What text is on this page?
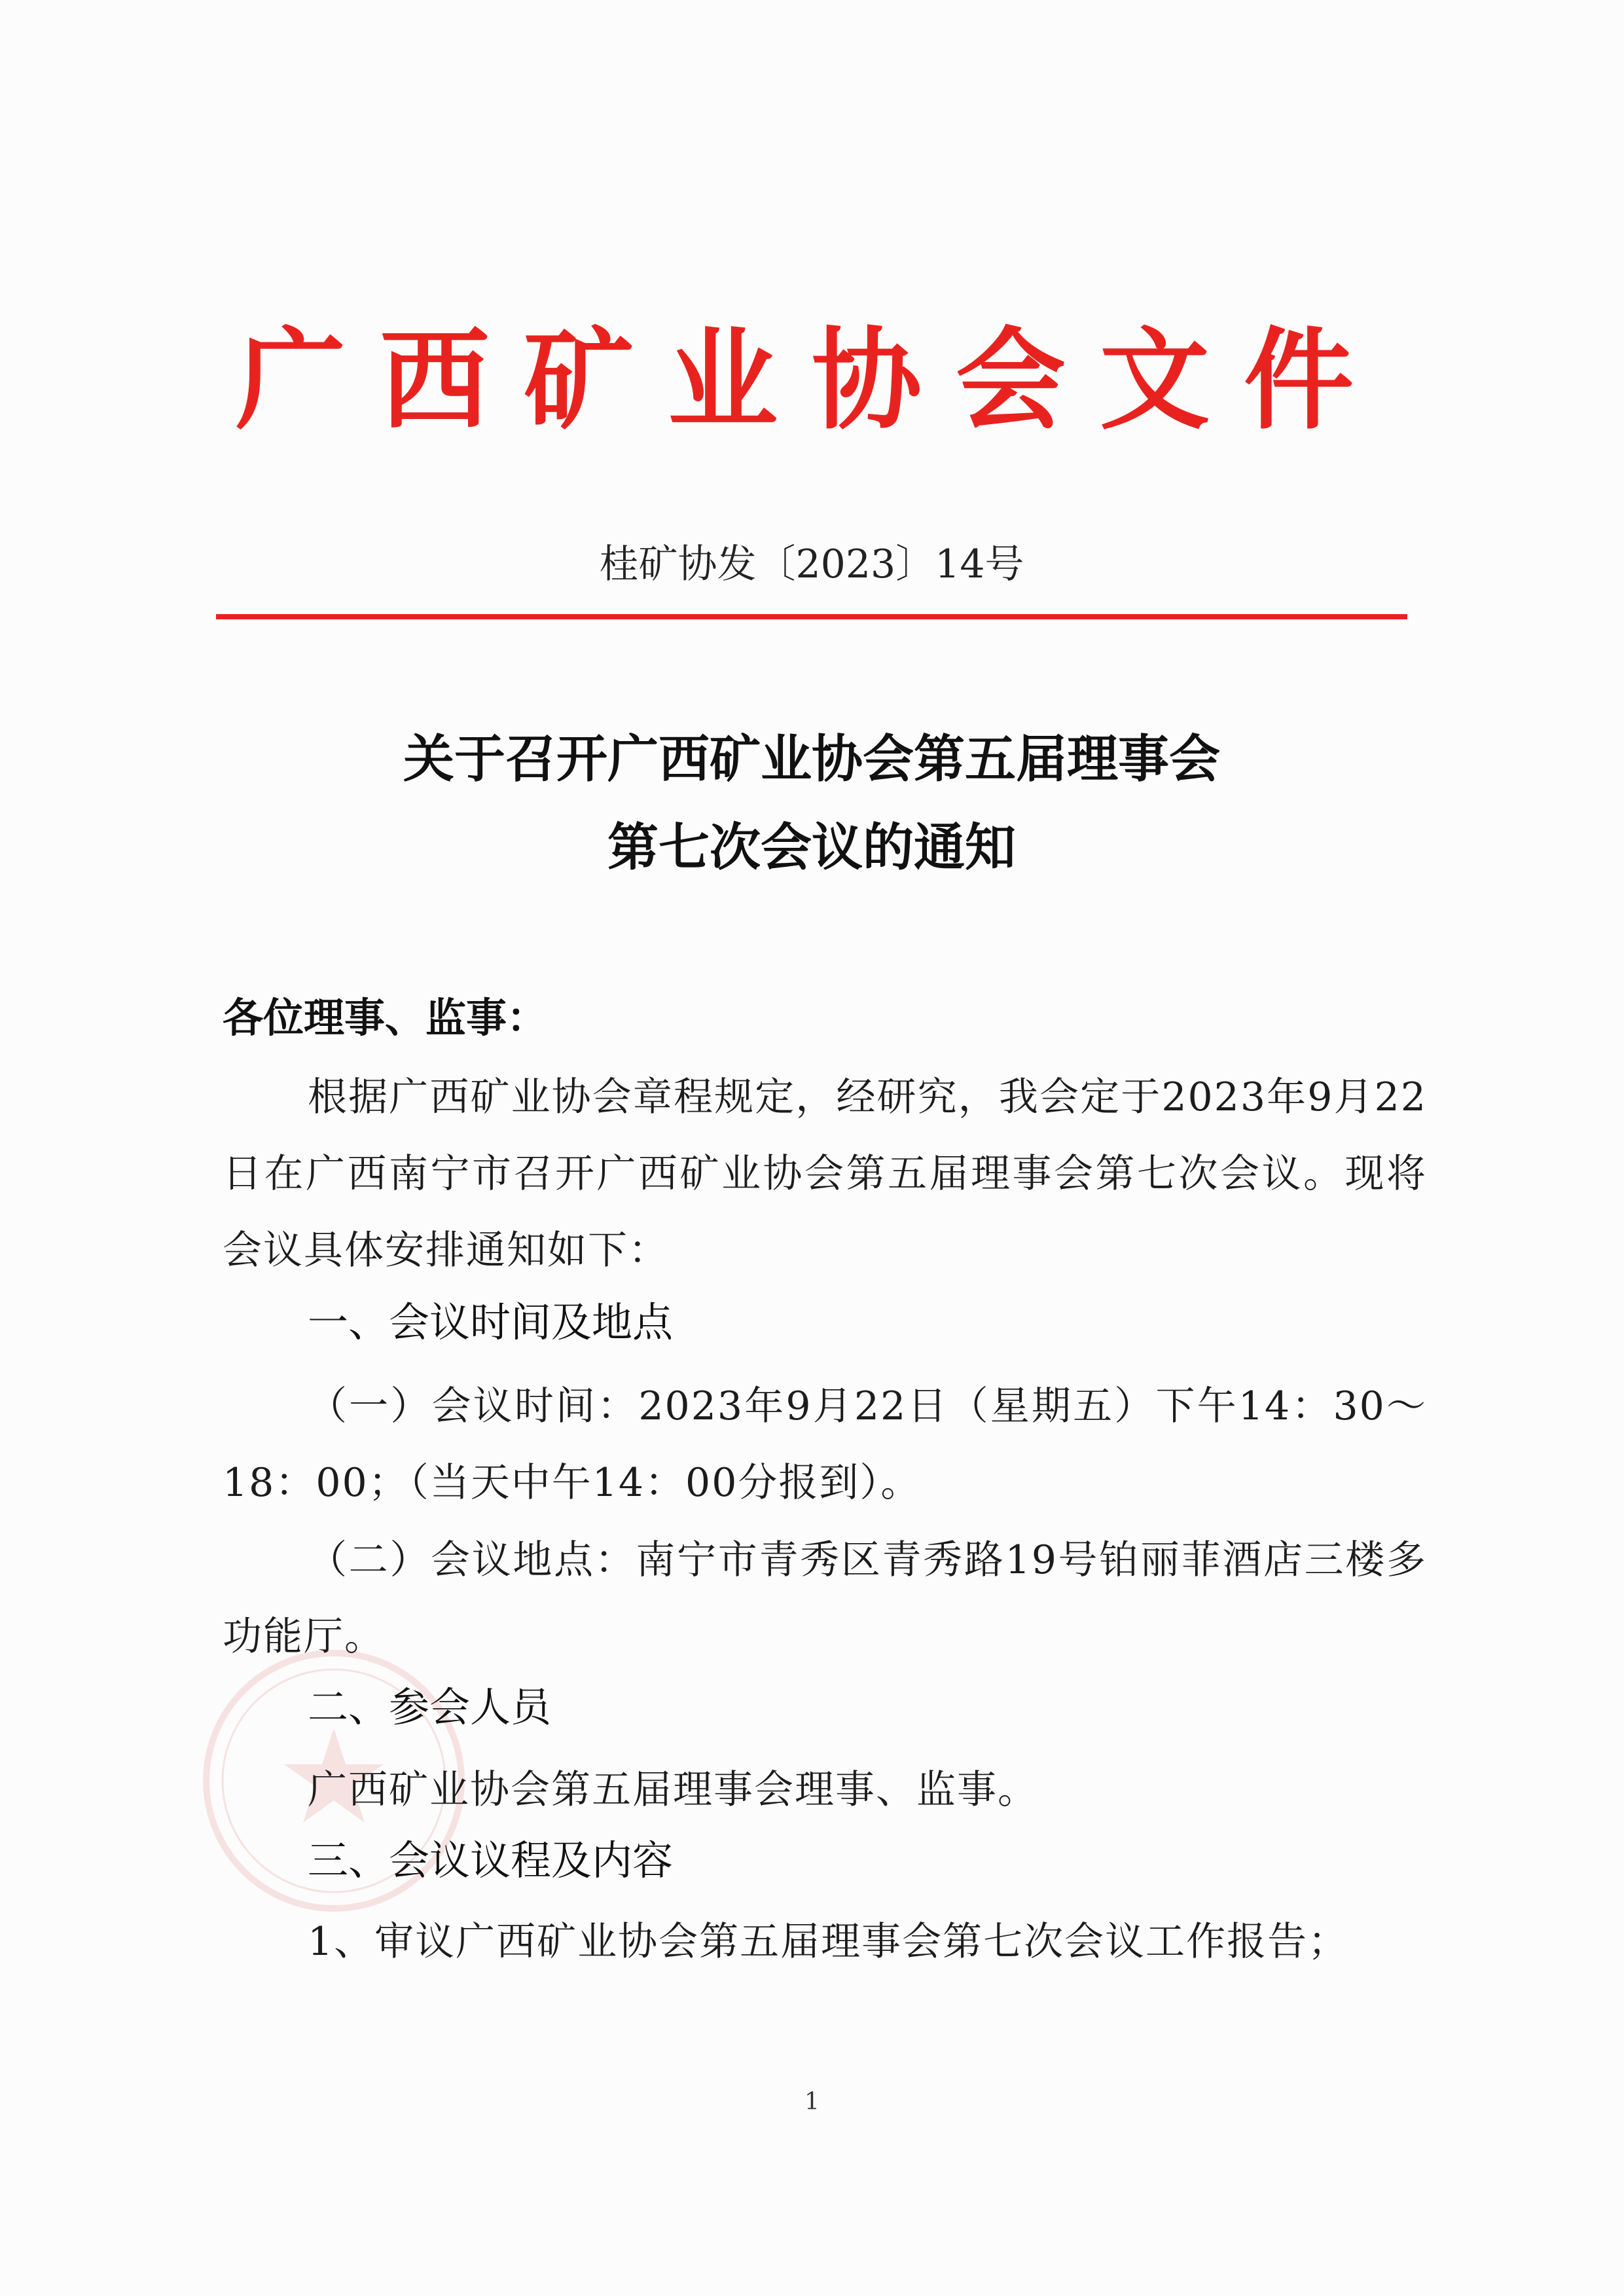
广西矿业协会文件
桂矿协发〔2023〕14号
关于召开广西矿业协会第五届理事会
第七次会议的通知
各位理事、监事：
根据广西矿业协会章程规定，经研究，我会定于2023年9月22日在广西南宁市召开广西矿业协会第五届理事会第七次会议。现将会议具体安排通知如下：
一、会议时间及地点
（一）会议时间：2023年9月22日（星期五）下午14：30～18：00；（当天中午14：00分报到）。
（二）会议地点：南宁市青秀区青秀路19号铂丽菲酒店三楼多功能厅。
二、参会人员
广西矿业协会第五届理事会理事、监事。
三、会议议程及内容
1、审议广西矿业协会第五届理事会第七次会议工作报告；
1
